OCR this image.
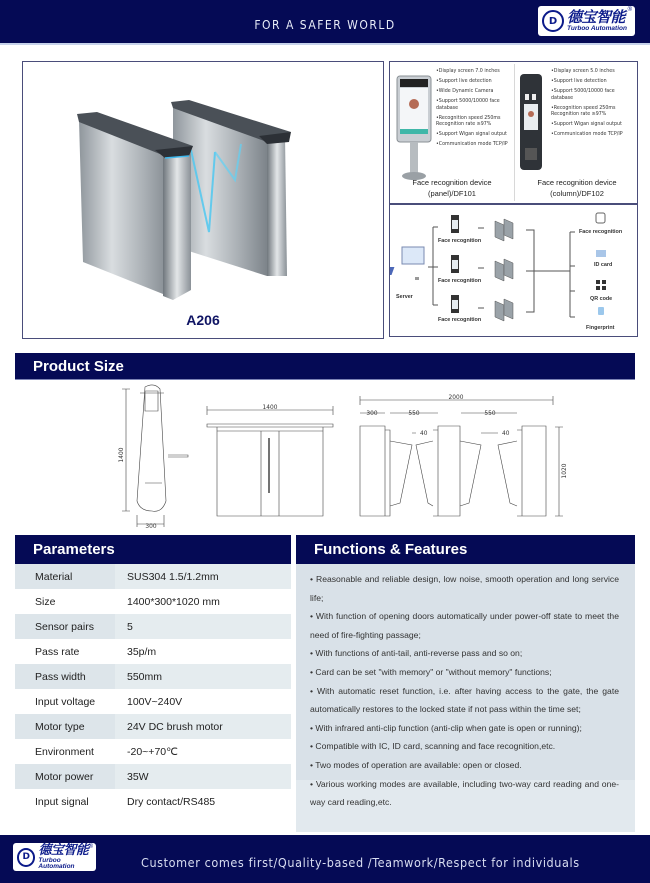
FOR A SAFER WORLD	D 德宝智能
Turboo Automation
®
A206
•Display screen 7.0 inches
•Support live detection
•Wide Dynamic Camera
•Support 5000/10000 face database
•Recognition speed 250ms Recognition rate ≥97%
•Support Wigan signal output
•Communication mode TCP/IP
Face recognition device
(panel)/DF101
•Display screen 5.0 inches
•Support live detection
•Support 5000/10000 face database
•Recognition speed 250ms Recognition rate ≥97%
•Support Wigan signal output
•Communication mode TCP/IP
Face recognition device
(column)/DF102
Server
Face recognition
Face recognition
Face recognition
Face recognition
ID card
QR code
Fingerprint
Product Size
1400
300
1400
2000
300	550	550
40	40
1020
Parameters
Material	SUS304 1.5/1.2mm
Size	1400*300*1020 mm
Sensor pairs	5
Pass rate	35p/m
Pass width	550mm
Input voltage	100V~240V
Motor type	24V DC brush motor
Environment	-20~+70℃
Motor power	35W
Input signal	Dry contact/RS485
Functions & Features

• Reasonable and reliable design, low noise, smooth operation and long service life;

• With function of opening doors automatically under power-off state to meet the need of fire-fighting passage;

• With functions of anti-tail, anti-reverse pass and so on;

• Card can be set "with memory" or "without memory" functions;

• With automatic reset function, i.e. after having access to the gate, the gate automatically restores to the locked state if not pass within the time set;

• With infrared anti-clip function (anti-clip when gate is open or running);

• Compatible with IC, ID card, scanning and face recognition,etc.

• Two modes of operation are available: open or closed.

• Various working modes are available, including two-way card reading and one-way card reading,etc.

Customer comes first/Quality-based /Teamwork/Respect for individuals
D 德宝智能
Turboo Automation
®
